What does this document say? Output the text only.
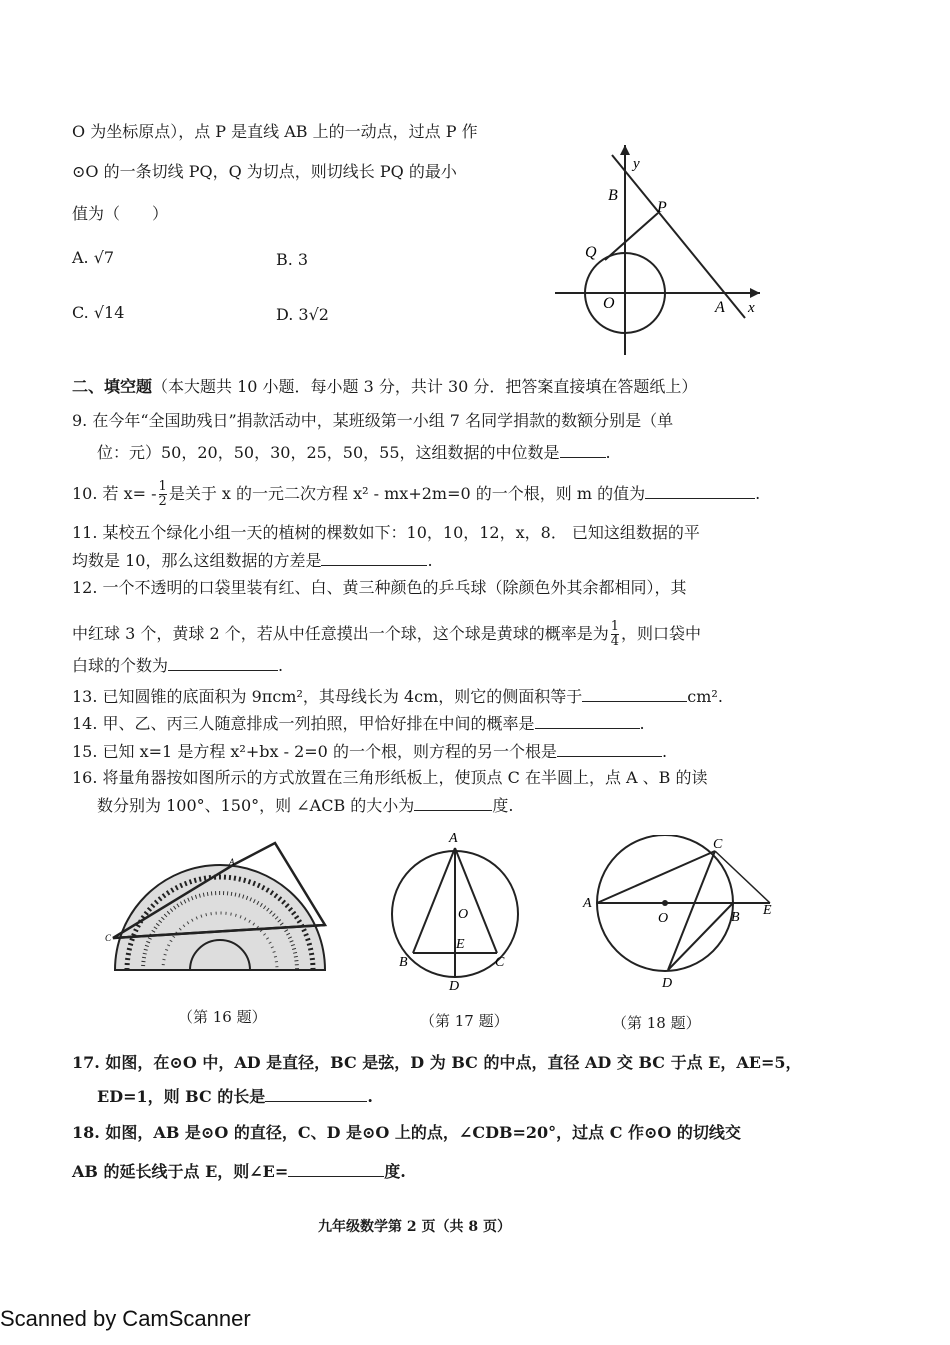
O 为坐标原点），点 P 是直线 AB 上的一动点，过点 P 作
⊙O 的一条切线 PQ，Q 为切点，则切线长 PQ 的最小
值为（　　）
A. √7	B. 3
C. √14	D. 3√2
y
B
P
Q
O	A x
二、填空题（本大题共 10 小题．每小题 3 分，共计 30 分．把答案直接填在答题纸上）
9. 在今年“全国助残日”捐款活动中，某班级第一小组 7 名同学捐款的数额分别是（单
位：元）50，20，50，30，25，50，55，这组数据的中位数是	.
10. 若 $x= - \frac{1}{2}$ 是关于 x 的一元二次方程 x² - mx+2m=0 的一个根，则 m 的值为	.
11. 某校五个绿化小组一天的植树的棵数如下：10，10，12，x，8． 已知这组数据的平
均数是 10，那么这组数据的方差是	.
12. 一个不透明的口袋里装有红、白、黄三种颜色的乒乓球（除颜色外其余都相同），其
中红球 3 个，黄球 2 个，若从中任意摸出一个球，这个球是黄球的概率是为 $\frac{1}{4}$ ，则口袋中
白球的个数为	.
13. 已知圆锥的底面积为 9πcm²，其母线长为 4cm，则它的侧面积等于	cm².
14. 甲、乙、丙三人随意排成一列拍照，甲恰好排在中间的概率是	.
15. 已知 x=1 是方程 x²+bx - 2=0 的一个根，则方程的另一个根是	.
16. 将量角器按如图所示的方式放置在三角形纸板上，使顶点 C 在半圆上，点 A 、B 的读
数分别为 100°、150°，则 ∠ACB 的大小为	度.
A
C
（第 16 题）
A
O
E
B	C
D
（第 17 题）
A
O	B E
C
D
（第 18 题）
17. 如图，在⊙O 中，AD 是直径，BC 是弦，D 为 BC 的中点，直径 AD 交 BC 于点 E，AE=5，
ED=1，则 BC 的长是	.
18. 如图，AB 是⊙O 的直径，C、D 是⊙O 上的点，∠CDB=20°，过点 C 作⊙O 的切线交
AB 的延长线于点 E，则∠E=	度.
九年级数学第 2 页（共 8 页）
Scanned by CamScanner
